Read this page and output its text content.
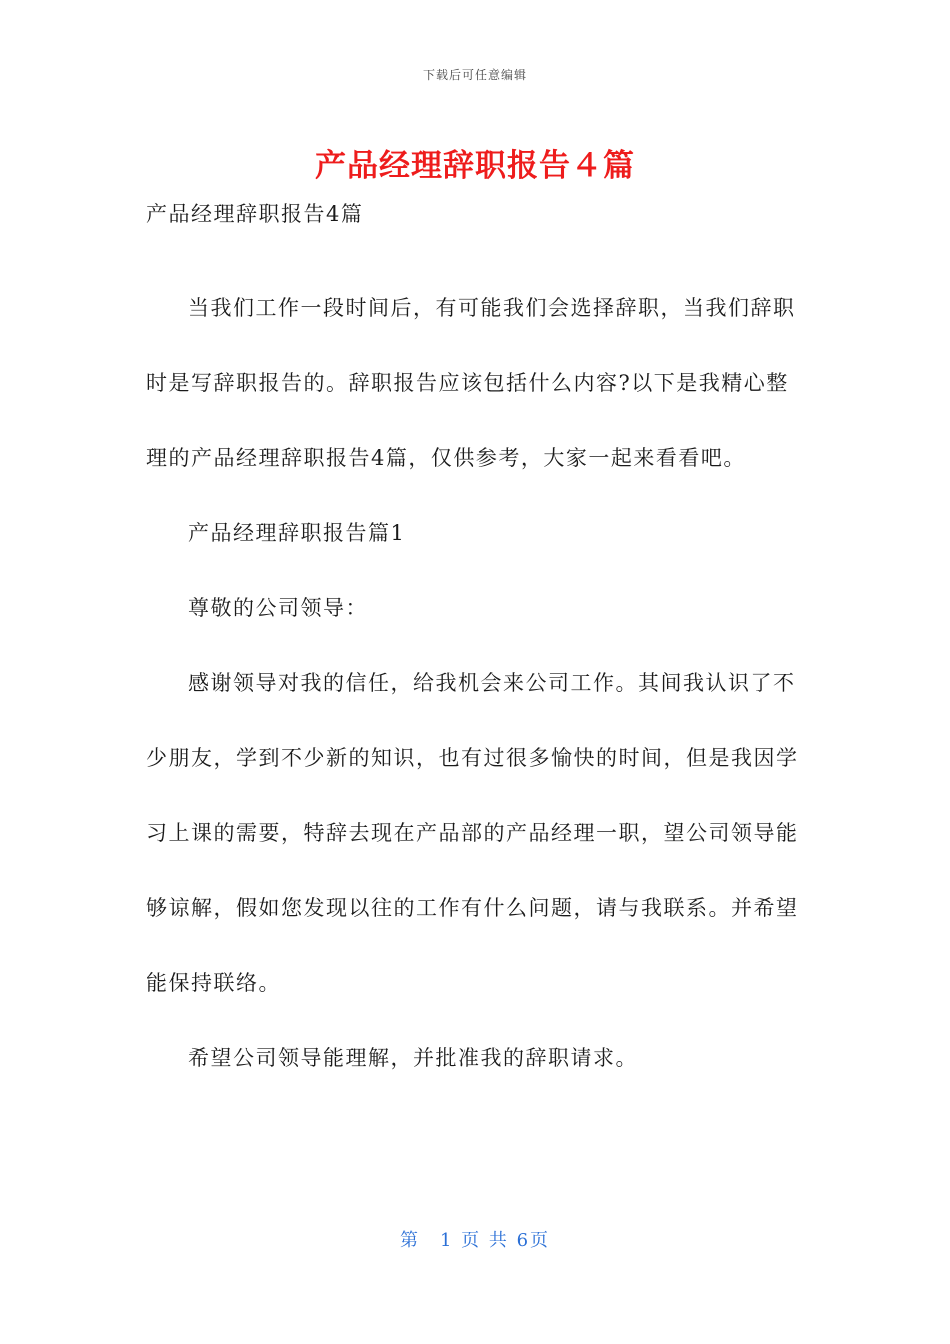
下载后可任意编辑
产品经理辞职报告４篇

产品经理辞职报告4篇

当我们工作一段时间后，有可能我们会选择辞职，当我们辞职时是写辞职报告的。辞职报告应该包括什么内容?以下是我精心整理的产品经理辞职报告4篇，仅供参考，大家一起来看看吧。

产品经理辞职报告篇1

尊敬的公司领导：

感谢领导对我的信任，给我机会来公司工作。其间我认识了不少朋友，学到不少新的知识，也有过很多愉快的时间，但是我因学习上课的需要，特辞去现在产品部的产品经理一职，望公司领导能够谅解，假如您发现以往的工作有什么问题，请与我联系。并希望能保持联络。

希望公司领导能理解，并批准我的辞职请求。

第　1 页 共 6页
